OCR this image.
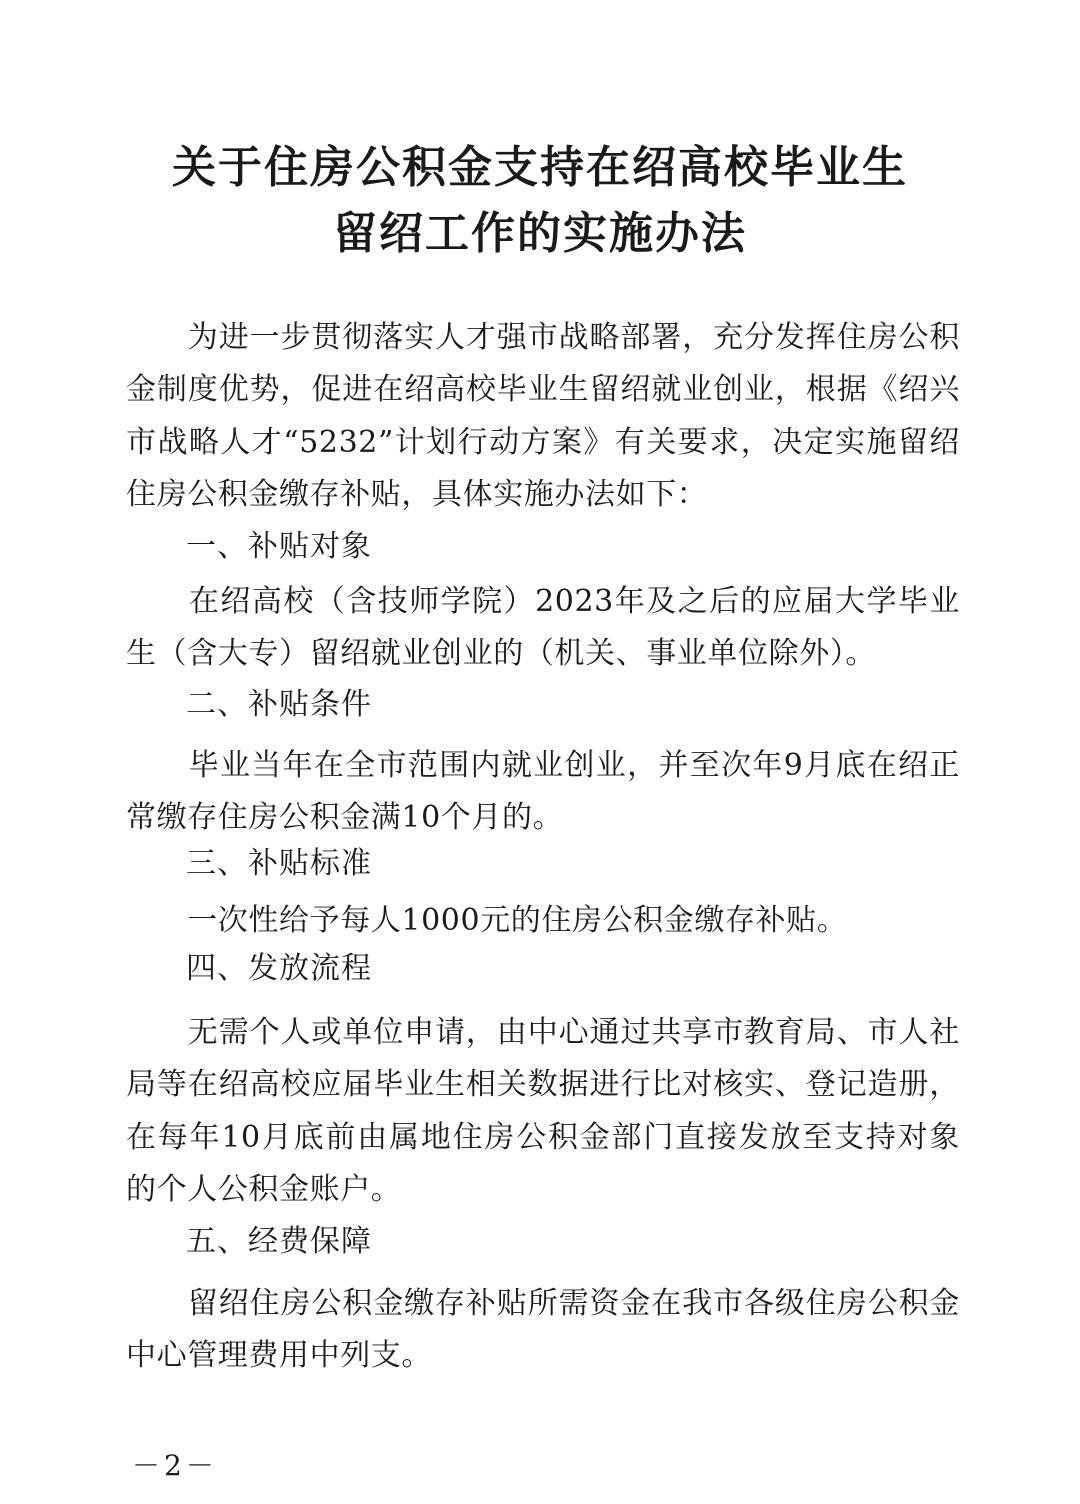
关于住房公积金支持在绍高校毕业生
留绍工作的实施办法

　　为进一步贯彻落实人才强市战略部署，充分发挥住房公积金制度优势，促进在绍高校毕业生留绍就业创业，根据《绍兴市战略人才“5232”计划行动方案》有关要求，决定实施留绍住房公积金缴存补贴，具体实施办法如下：

一、补贴对象

　　在绍高校（含技师学院）2023年及之后的应届大学毕业生（含大专）留绍就业创业的（机关、事业单位除外）。

二、补贴条件

　　毕业当年在全市范围内就业创业，并至次年9月底在绍正常缴存住房公积金满10个月的。

三、补贴标准

　　一次性给予每人1000元的住房公积金缴存补贴。

四、发放流程

　　无需个人或单位申请，由中心通过共享市教育局、市人社局等在绍高校应届毕业生相关数据进行比对核实、登记造册，在每年10月底前由属地住房公积金部门直接发放至支持对象的个人公积金账户。

五、经费保障

　　留绍住房公积金缴存补贴所需资金在我市各级住房公积金中心管理费用中列支。

－2－
